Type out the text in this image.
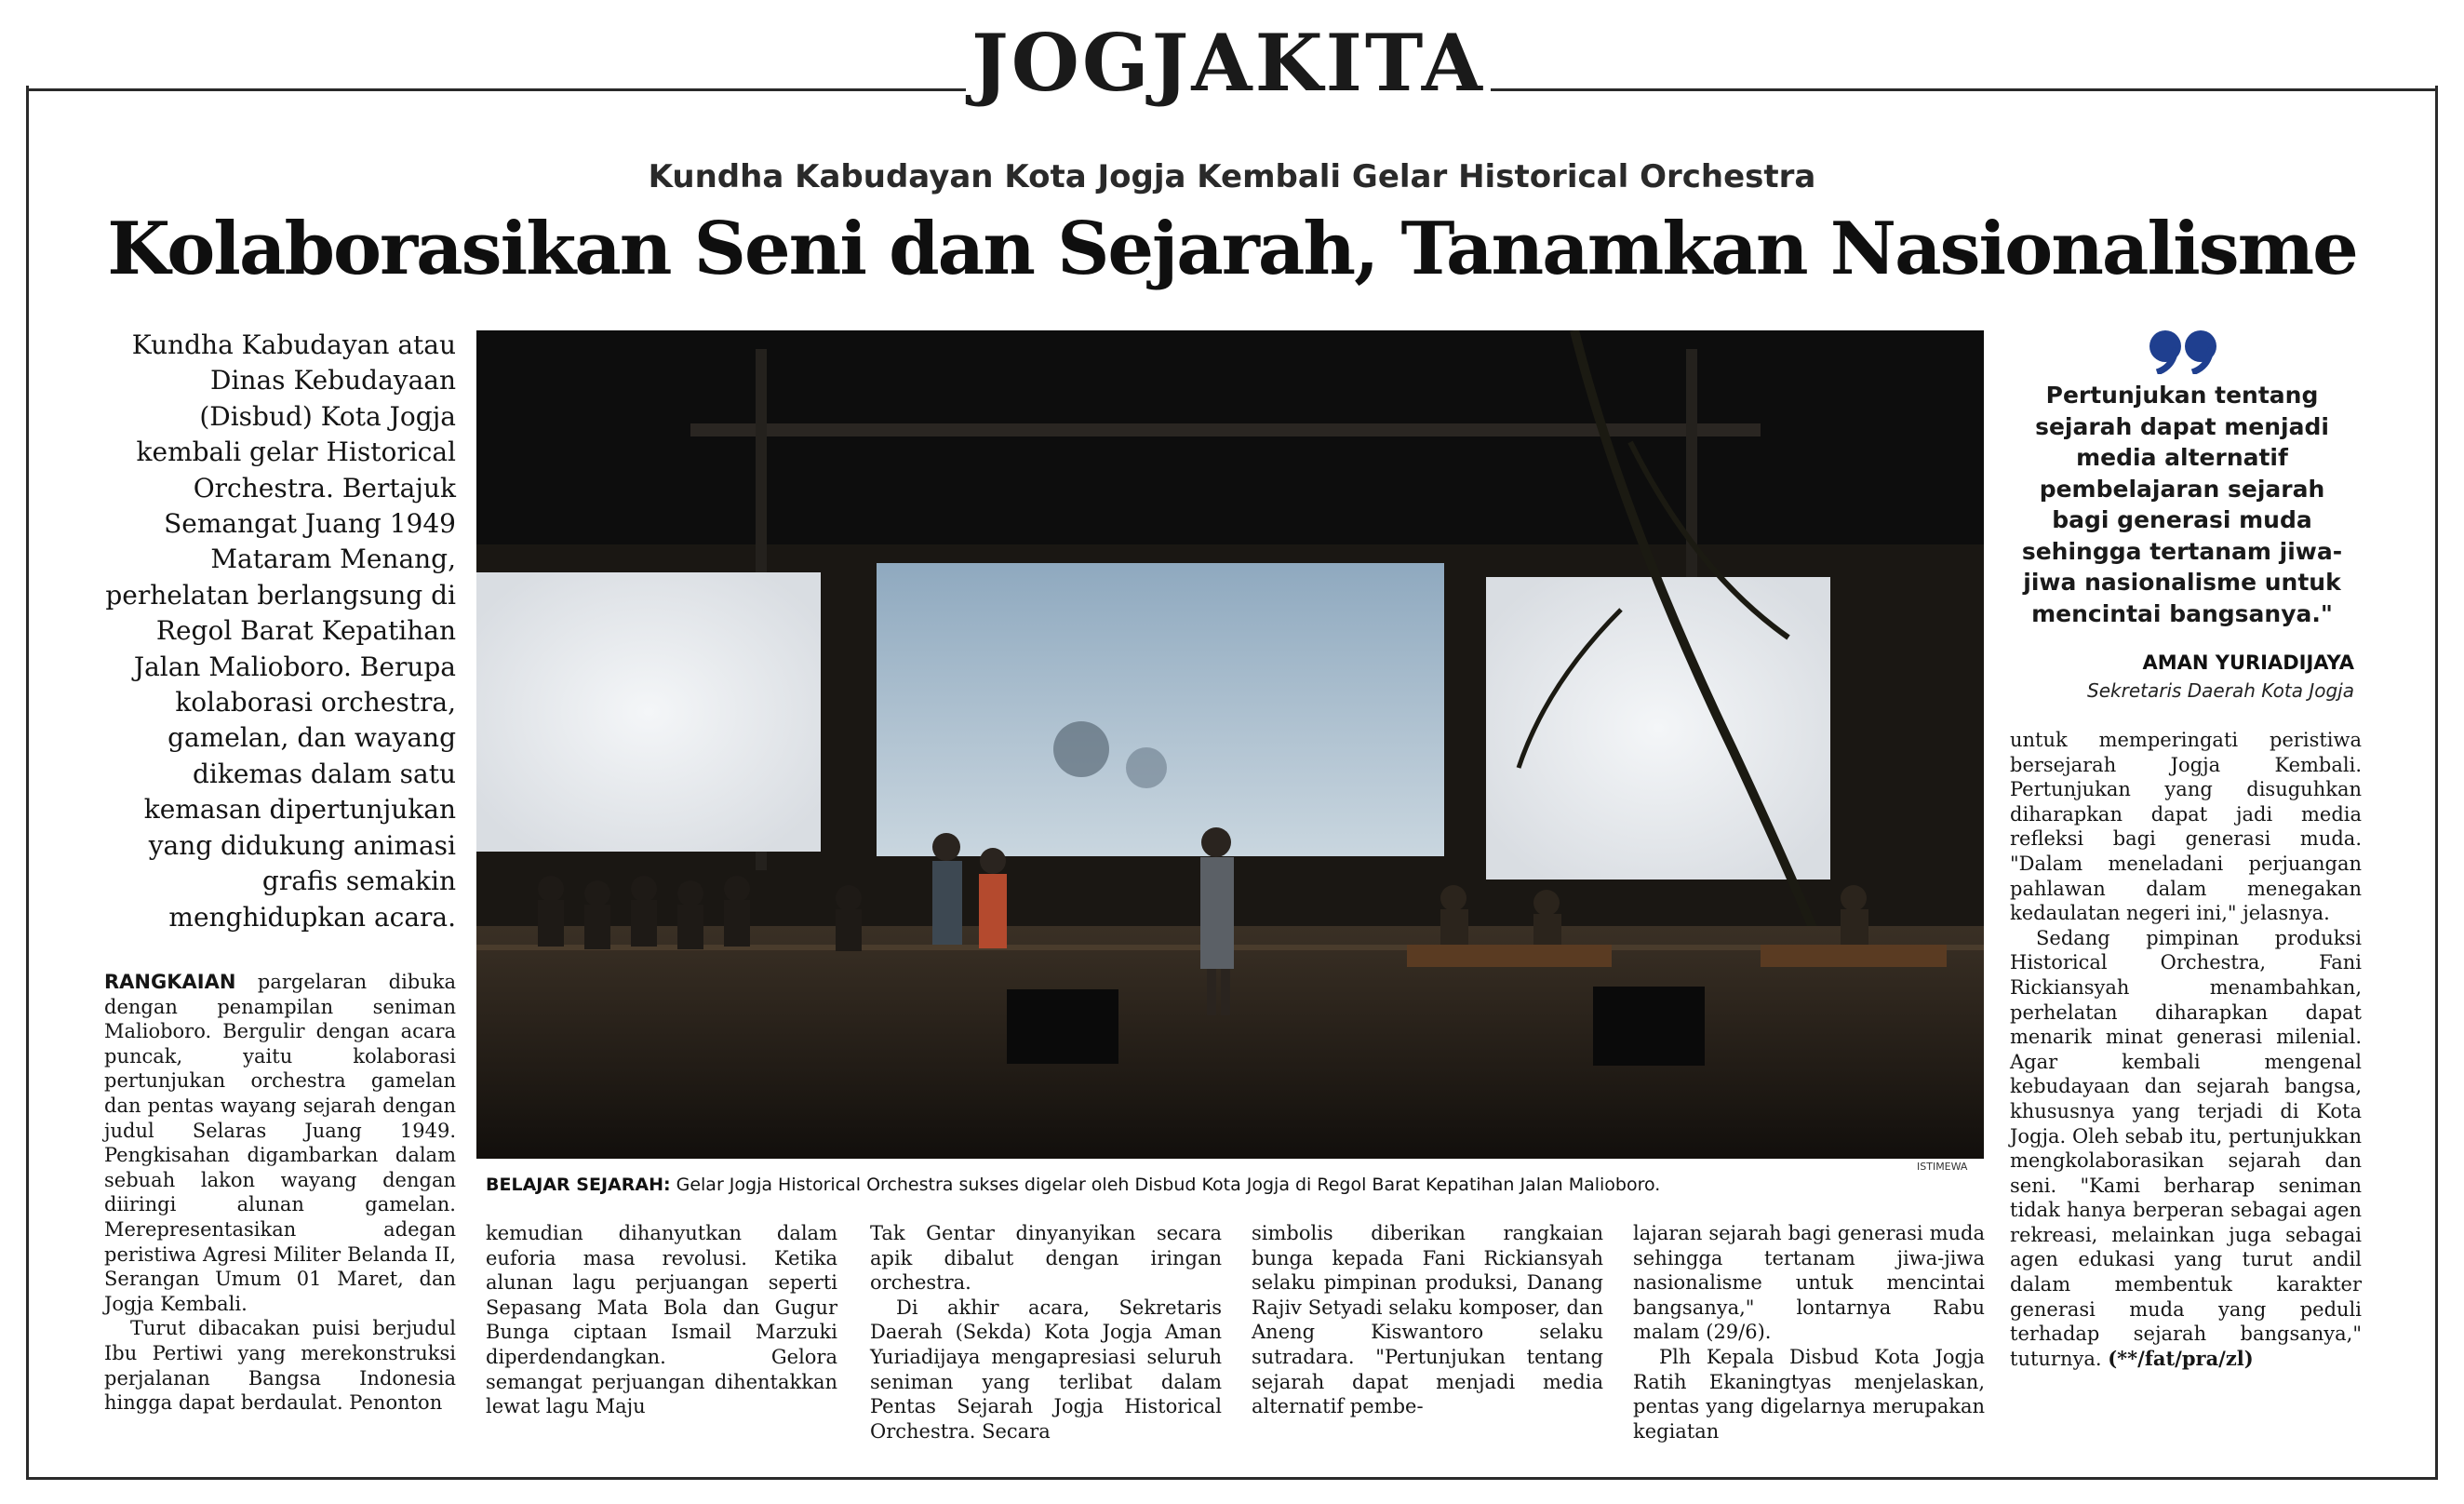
JOGJAKITA
Kundha Kabudayan Kota Jogja Kembali Gelar Historical Orchestra
Kolaborasikan Seni dan Sejarah, Tanamkan Nasionalisme
Kundha Kabudayan atau Dinas Kebudayaan (Disbud) Kota Jogja kembali gelar Historical Orchestra. Bertajuk Semangat Juang 1949 Mataram Menang, perhelatan berlangsung di Regol Barat Kepatihan Jalan Malioboro. Berupa kolaborasi orchestra, gamelan, dan wayang dikemas dalam satu kemasan dipertunjukan yang didukung animasi grafis semakin menghidupkan acara.
ISTIMEWA
BELAJAR SEJARAH: Gelar Jogja Historical Orchestra sukses digelar oleh Disbud Kota Jogja di Regol Barat Kepatihan Jalan Malioboro.
Pertunjukan tentang sejarah dapat menjadi media alternatif pembelajaran sejarah bagi generasi muda sehingga tertanam jiwa-jiwa nasionalisme untuk mencintai bangsanya."
AMAN YURIADIJAYA
Sekretaris Daerah Kota Jogja

RANGKAIAN pargelaran dibuka dengan penampilan seniman Malioboro. Bergulir dengan acara puncak, yaitu kolaborasi pertunjukan orchestra gamelan dan pentas wayang sejarah dengan judul Selaras Juang 1949. Pengkisahan digambarkan dalam sebuah lakon wayang dengan diiringi alunan gamelan. Merepresentasikan adegan peristiwa Agresi Militer Belanda II, Serangan Umum 01 Maret, dan Jogja Kembali.

Turut dibacakan puisi berjudul Ibu Pertiwi yang merekonstruksi perjalanan Bangsa Indonesia hingga dapat berdaulat. Penonton

kemudian dihanyutkan dalam euforia masa revolusi. Ketika alunan lagu perjuangan seperti Sepasang Mata Bola dan Gugur Bunga ciptaan Ismail Marzuki diperdendangkan. Gelora semangat perjuangan dihentakkan lewat lagu Maju

Tak Gentar dinyanyikan secara apik dibalut dengan iringan orchestra.

Di akhir acara, Sekretaris Daerah (Sekda) Kota Jogja Aman Yuriadijaya mengapresiasi seluruh seniman yang terlibat dalam Pentas Sejarah Jogja Historical Orchestra. Secara

simbolis diberikan rangkaian bunga kepada Fani Rickiansyah selaku pimpinan produksi, Danang Rajiv Setyadi selaku komposer, dan Aneng Kiswantoro selaku sutradara. "Pertunjukan tentang sejarah dapat menjadi media alternatif pembe-

lajaran sejarah bagi generasi muda sehingga tertanam jiwa-jiwa nasionalisme untuk mencintai bangsanya," lontarnya Rabu malam (29/6).

Plh Kepala Disbud Kota Jogja Ratih Ekaningtyas menjelaskan, pentas yang digelarnya merupakan kegiatan

untuk memperingati peristiwa bersejarah Jogja Kembali. Pertunjukan yang disuguhkan diharapkan dapat jadi media refleksi bagi generasi muda. "Dalam meneladani perjuangan pahlawan dalam menegakan kedaulatan negeri ini," jelasnya.

Sedang pimpinan produksi Historical Orchestra, Fani Rickiansyah menambahkan, perhelatan diharapkan dapat menarik minat generasi milenial. Agar kembali mengenal kebudayaan dan sejarah bangsa, khususnya yang terjadi di Kota Jogja. Oleh sebab itu, pertunjukkan mengkolaborasikan sejarah dan seni. "Kami berharap seniman tidak hanya berperan sebagai agen rekreasi, melainkan juga sebagai agen edukasi yang turut andil dalam membentuk karakter generasi muda yang peduli terhadap sejarah bangsanya," tuturnya. (**/fat/pra/zl)
